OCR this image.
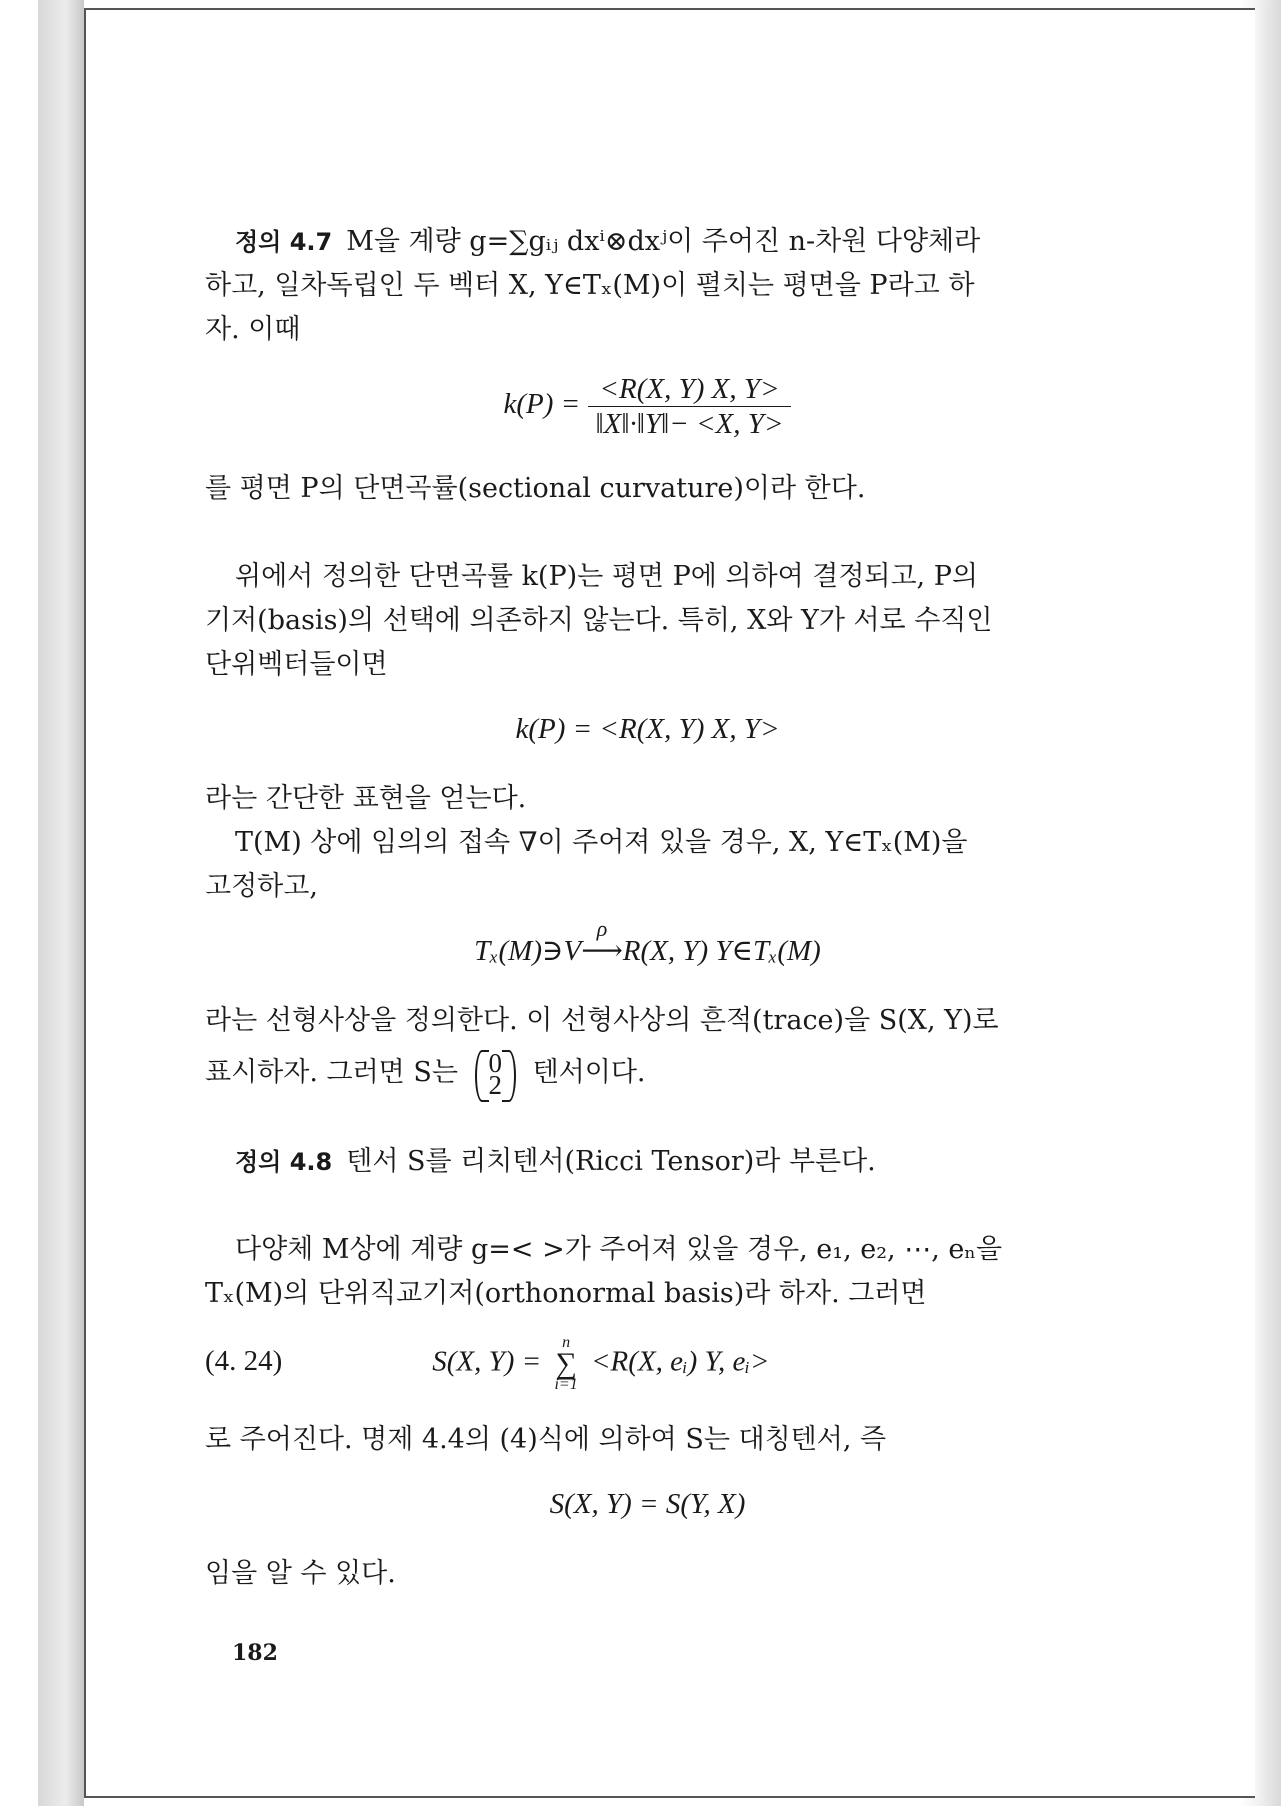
정의 4.7 M을 계량 g=∑gᵢⱼ dxⁱ⊗dxʲ이 주어진 n-차원 다양체라
하고, 일차독립인 두 벡터 X, Y∈Tₓ(M)이 펼치는 평면을 P라고 하
자. 이때
$k(P) = \frac{<R(X, Y) X, Y>}{‖X‖\cdot‖Y‖- <X, Y>}$
를 평면 P의 단면곡률(sectional curvature)이라 한다.
위에서 정의한 단면곡률 k(P)는 평면 P에 의하여 결정되고, P의
기저(basis)의 선택에 의존하지 않는다. 특히, X와 Y가 서로 수직인
단위벡터들이면
k(P) = <R(X, Y) X, Y>
라는 간단한 표현을 얻는다.
T(M) 상에 임의의 접속 ∇이 주어져 있을 경우, X, Y∈Tₓ(M)을
고정하고,
Tₓ(M)∋V
ρ
⟶R(X, Y) Y∈Tₓ(M)
라는 선형사상을 정의한다. 이 선형사상의 흔적(trace)을 S(X, Y)로
표시하자. 그러면 S는 0
2 텐서이다.
정의 4.8 텐서 S를 리치텐서(Ricci Tensor)라 부른다.
다양체 M상에 계량 g=< >가 주어져 있을 경우, e₁, e₂, ⋯, eₙ을
Tₓ(M)의 단위직교기저(orthonormal basis)라 하자. 그러면
(4. 24)	S(X, Y) = n
∑
i=1 <R(X, eᵢ) Y, eᵢ>
로 주어진다. 명제 4.4의 (4)식에 의하여 S는 대칭텐서, 즉
S(X, Y) = S(Y, X)
임을 알 수 있다.
182
